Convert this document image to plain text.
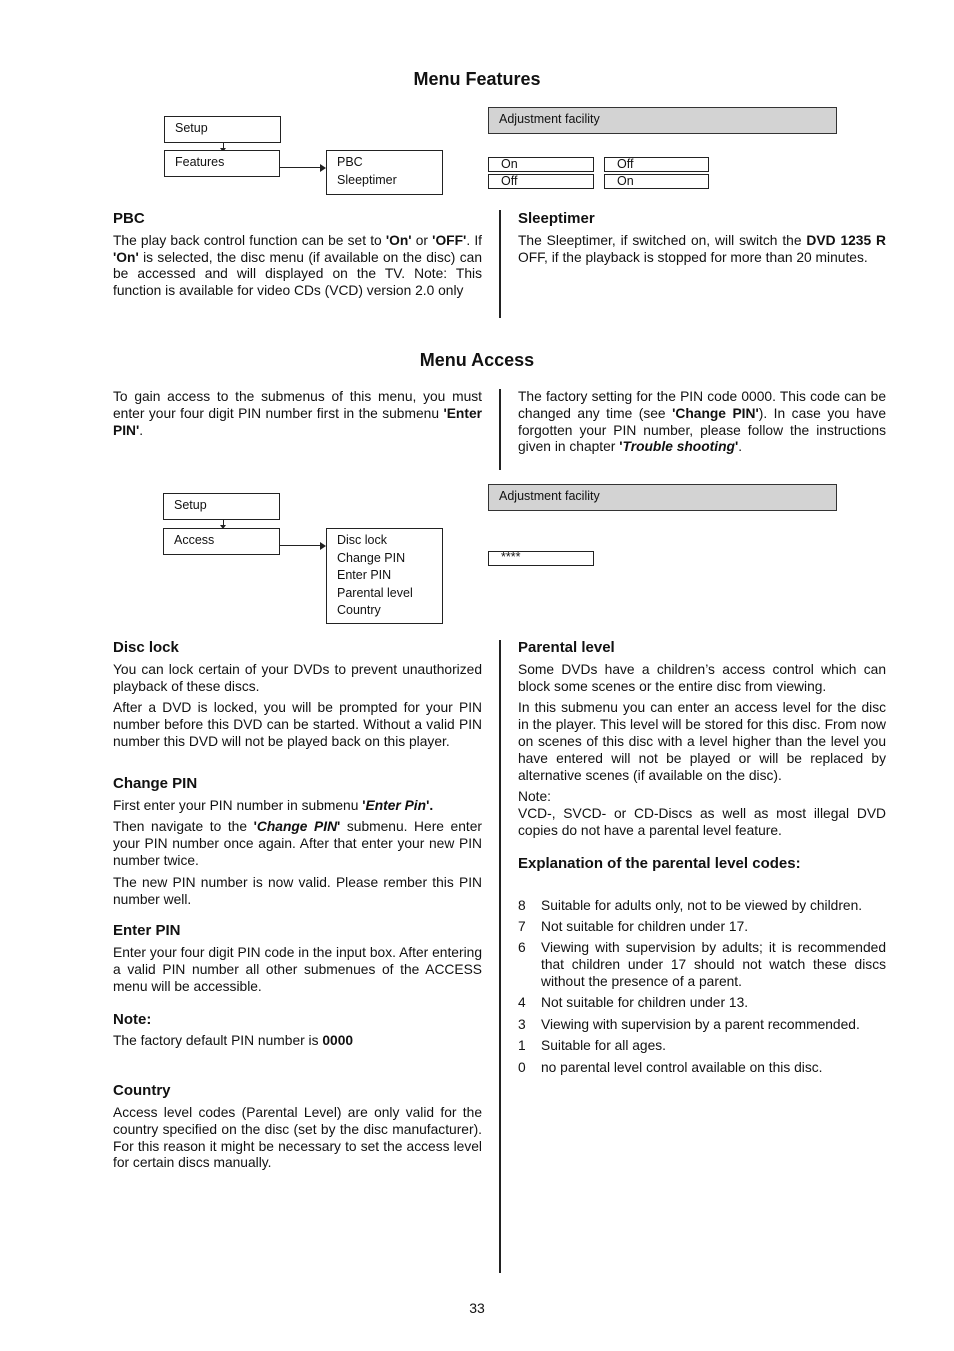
Menu Features
Setup
Features	PBC
Sleeptimer
Adjustment facility
On	Off
Off	On
PBC

The play back control function can be set to 'On' or 'OFF'. If 'On' is selected, the disc menu (if available on the disc) can be accessed and will displayed on the TV. Note: This function is available for video CDs (VCD) version 2.0 only

Sleeptimer

The Sleeptimer, if switched on, will switch the DVD 1235 R OFF, if the playback is stopped for more than 20 minutes.

Menu Access

To gain access to the submenus of this menu, you must enter your four digit PIN number first in the submenu 'Enter PIN'.

The factory setting for the PIN code 0000. This code can be changed any time (see 'Change PIN'). In case you have forgotten your PIN number, please follow the instructions given in chapter 'Trouble shooting'.

Setup
Access	Disc lock
Change PIN
Enter PIN
Parental level
Country
Adjustment facility
****
Disc lock

You can lock certain of your DVDs to prevent unauthorized playback of these discs.

After a DVD is locked, you will be prompted for your PIN number before this DVD can be started. Without a valid PIN number this DVD will not be played back on this player.

Change PIN

First enter your PIN number in submenu 'Enter Pin'.

Then navigate to the 'Change PIN' submenu. Here enter your PIN number once again. After that enter your new PIN number twice.

The new PIN number is now valid. Please rember this PIN number well.

Enter PIN

Enter your four digit PIN code in the input box. After entering a valid PIN number all other submenues of the ACCESS menu will be accessible.

Note:

The factory default PIN number is 0000

Country

Access level codes (Parental Level) are only valid for the country specified on the disc (set by the disc manufacturer). For this reason it might be necessary to set the access level for certain discs manually.

Parental level

Some DVDs have a children’s access control which can block some scenes or the entire disc from viewing.

In this submenu you can enter an access level for the disc in the player. This level will be stored for this disc. From now on scenes of this disc with a level higher than the level you have entered will not be played or will be replaced by alternative scenes (if available on the disc).

Note:
VCD-, SVCD- or CD-Discs as well as most illegal DVD copies do not have a parental level feature.

Explanation of the parental level codes:
8	Suitable for adults only, not to be viewed by children.
7	Not suitable for children under 17.
6	Viewing with supervision by adults; it is recommended that children under 17 should not watch these discs without the presence of a parent.
4	Not suitable for children under 13.
3	Viewing with supervision by a parent recommended.
1	Suitable for all ages.
0	no parental level control available on this disc.
33
